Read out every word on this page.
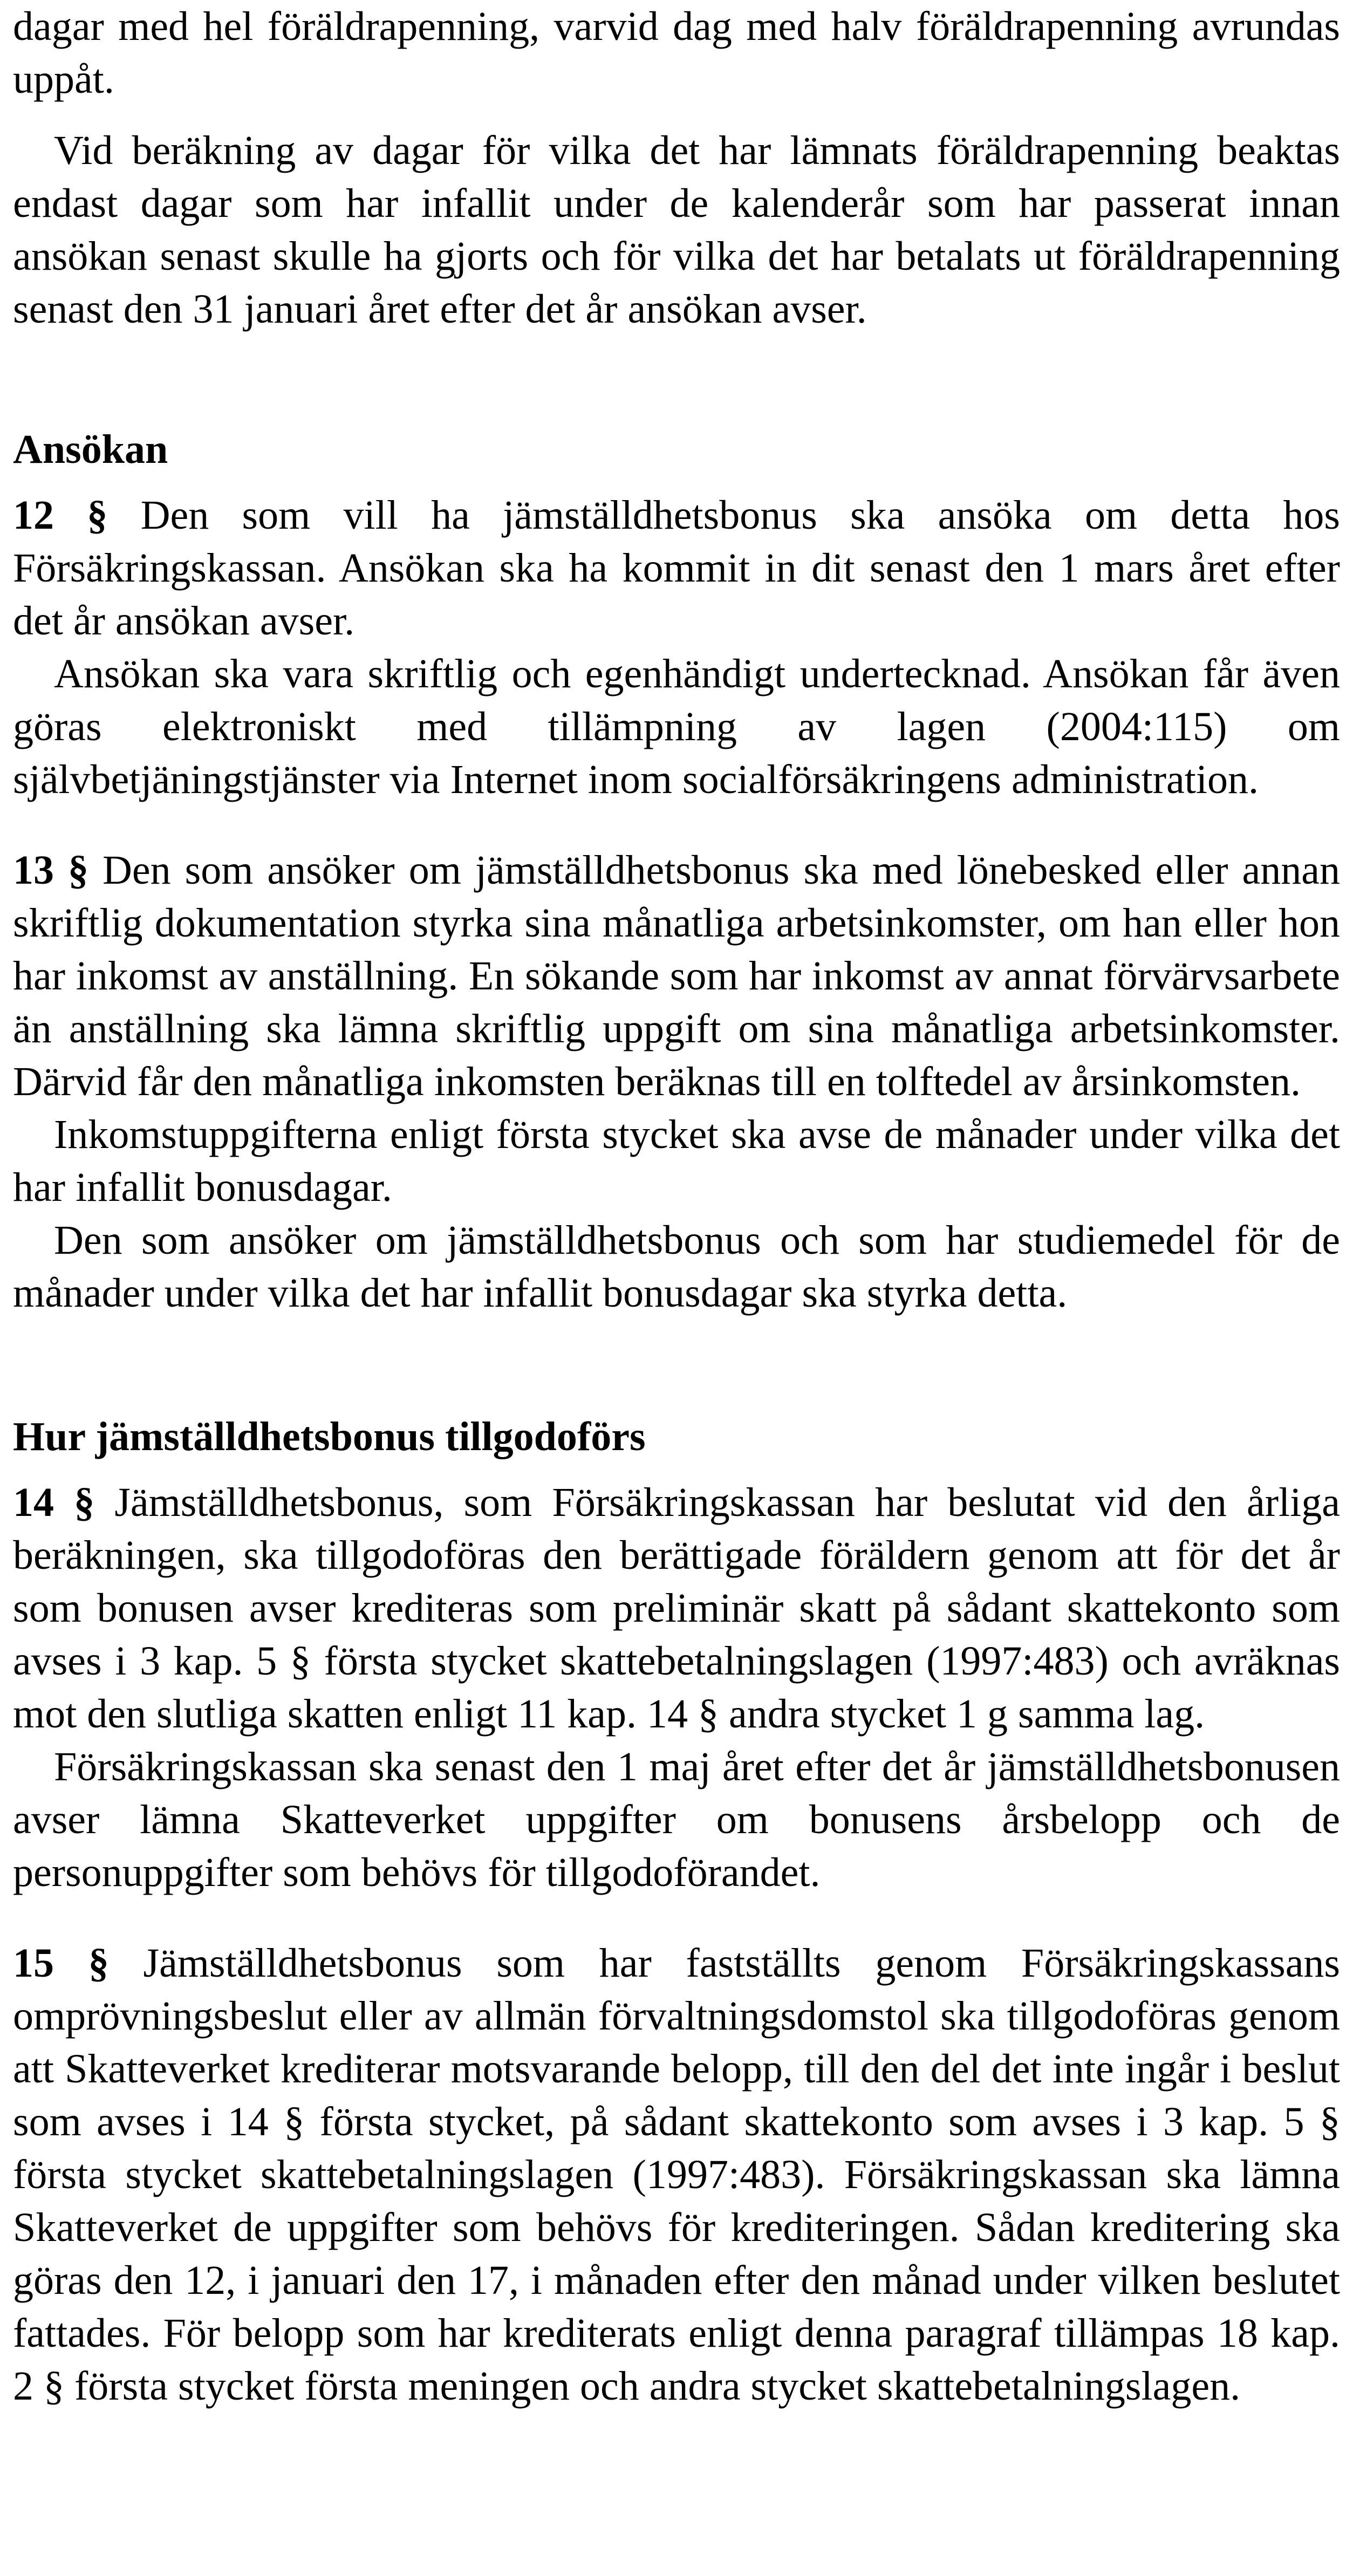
dagar med hel föräldrapenning, varvid dag med halv föräldrapenning avrundas uppåt.

Vid beräkning av dagar för vilka det har lämnats föräldrapenning beaktas endast dagar som har infallit under de kalenderår som har passerat innan ansökan senast skulle ha gjorts och för vilka det har betalats ut föräldrapenning senast den 31 januari året efter det år ansökan avser.

Ansökan

12 § Den som vill ha jämställdhetsbonus ska ansöka om detta hos Försäkringskassan. Ansökan ska ha kommit in dit senast den 1 mars året efter det år ansökan avser.

Ansökan ska vara skriftlig och egenhändigt undertecknad. Ansökan får även göras elektroniskt med tillämpning av lagen (2004:115) om självbetjäningstjänster via Internet inom socialförsäkringens administration.

13 § Den som ansöker om jämställdhetsbonus ska med lönebesked eller annan skriftlig dokumentation styrka sina månatliga arbetsinkomster, om han eller hon har inkomst av anställning. En sökande som har inkomst av annat förvärvsarbete än anställning ska lämna skriftlig uppgift om sina månatliga arbetsinkomster. Därvid får den månatliga inkomsten beräknas till en tolftedel av årsinkomsten.

Inkomstuppgifterna enligt första stycket ska avse de månader under vilka det har infallit bonusdagar.

Den som ansöker om jämställdhetsbonus och som har studiemedel för de månader under vilka det har infallit bonusdagar ska styrka detta.

Hur jämställdhetsbonus tillgodoförs

14 § Jämställdhetsbonus, som Försäkringskassan har beslutat vid den årliga beräkningen, ska tillgodoföras den berättigade föräldern genom att för det år som bonusen avser krediteras som preliminär skatt på sådant skattekonto som avses i 3 kap. 5 § första stycket skattebetalningslagen (1997:483) och avräknas mot den slutliga skatten enligt 11 kap. 14 § andra stycket 1 g samma lag.

Försäkringskassan ska senast den 1 maj året efter det år jämställdhetsbonusen avser lämna Skatteverket uppgifter om bonusens årsbelopp och de personuppgifter som behövs för tillgodoförandet.

15 § Jämställdhetsbonus som har fastställts genom Försäkringskassans omprövningsbeslut eller av allmän förvaltningsdomstol ska tillgodoföras genom att Skatteverket krediterar motsvarande belopp, till den del det inte ingår i beslut som avses i 14 § första stycket, på sådant skattekonto som avses i 3 kap. 5 § första stycket skattebetalningslagen (1997:483). Försäkringskassan ska lämna Skatteverket de uppgifter som behövs för krediteringen. Sådan kreditering ska göras den 12, i januari den 17, i månaden efter den månad under vilken beslutet fattades. För belopp som har krediterats enligt denna paragraf tillämpas 18 kap. 2 § första stycket första meningen och andra stycket skattebetalningslagen.
